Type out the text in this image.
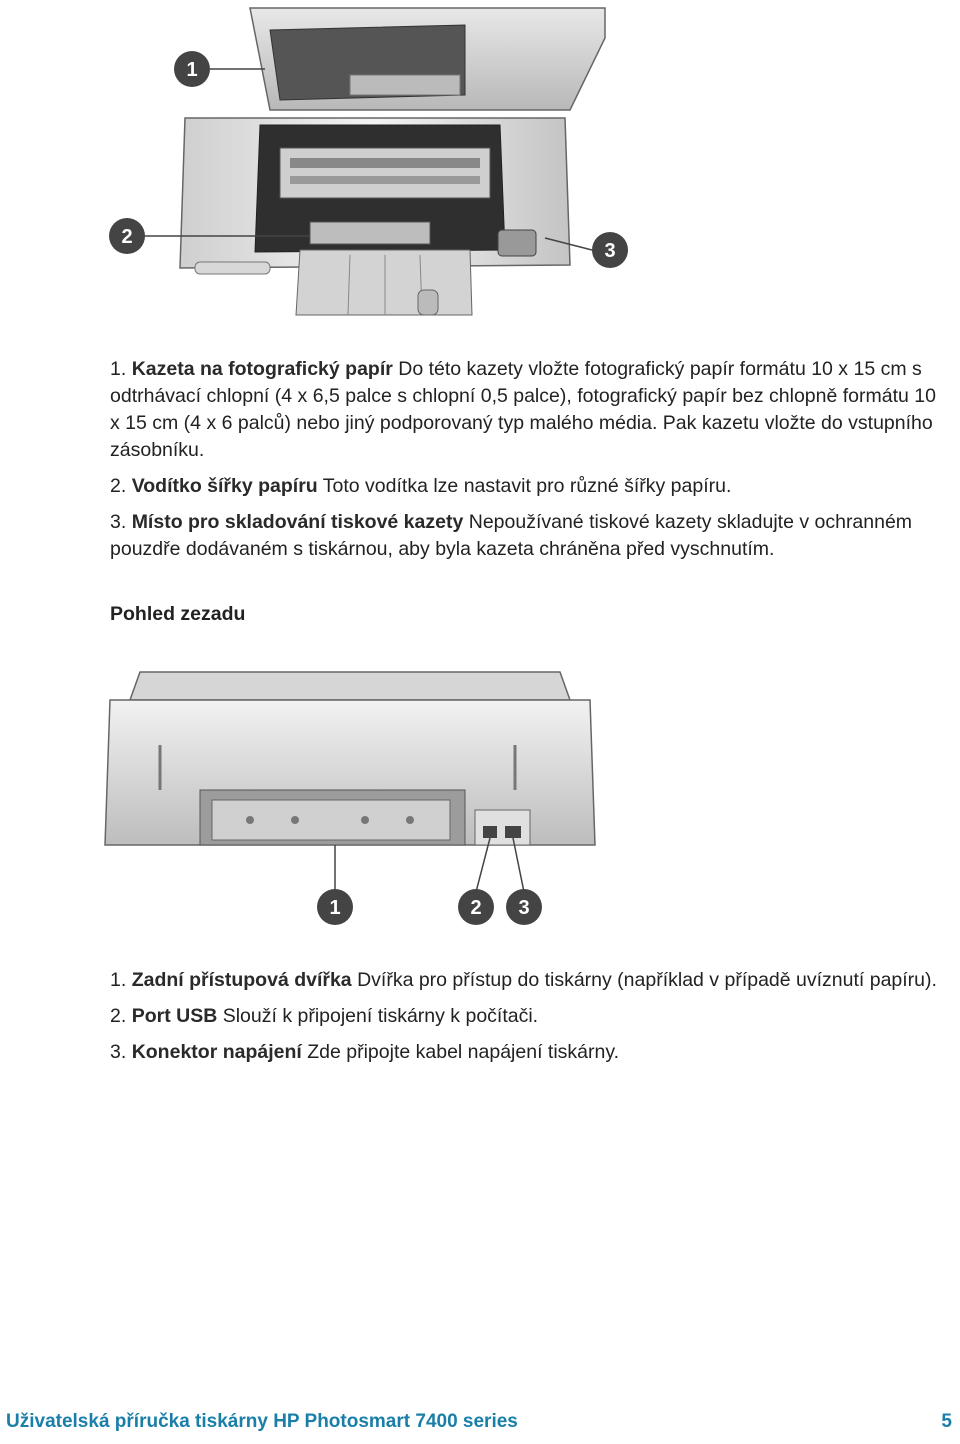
1
2
3

1. Kazeta na fotografický papír Do této kazety vložte fotografický papír formátu 10 x 15 cm s odtrhávací chlopní (4 x 6,5 palce s chlopní 0,5 palce), fotografický papír bez chlopně formátu 10 x 15 cm (4 x 6 palců) nebo jiný podporovaný typ malého média. Pak kazetu vložte do vstupního zásobníku.

2. Vodítko šířky papíru Toto vodítka lze nastavit pro různé šířky papíru.

3. Místo pro skladování tiskové kazety Nepoužívané tiskové kazety skladujte v ochranném pouzdře dodávaném s tiskárnou, aby byla kazeta chráněna před vyschnutím.

Pohled zezadu
1	2 3

1. Zadní přístupová dvířka Dvířka pro přístup do tiskárny (například v případě uvíznutí papíru).

2. Port USB Slouží k připojení tiskárny k počítači.

3. Konektor napájení Zde připojte kabel napájení tiskárny.

Uživatelská příručka tiskárny HP Photosmart 7400 series	5
